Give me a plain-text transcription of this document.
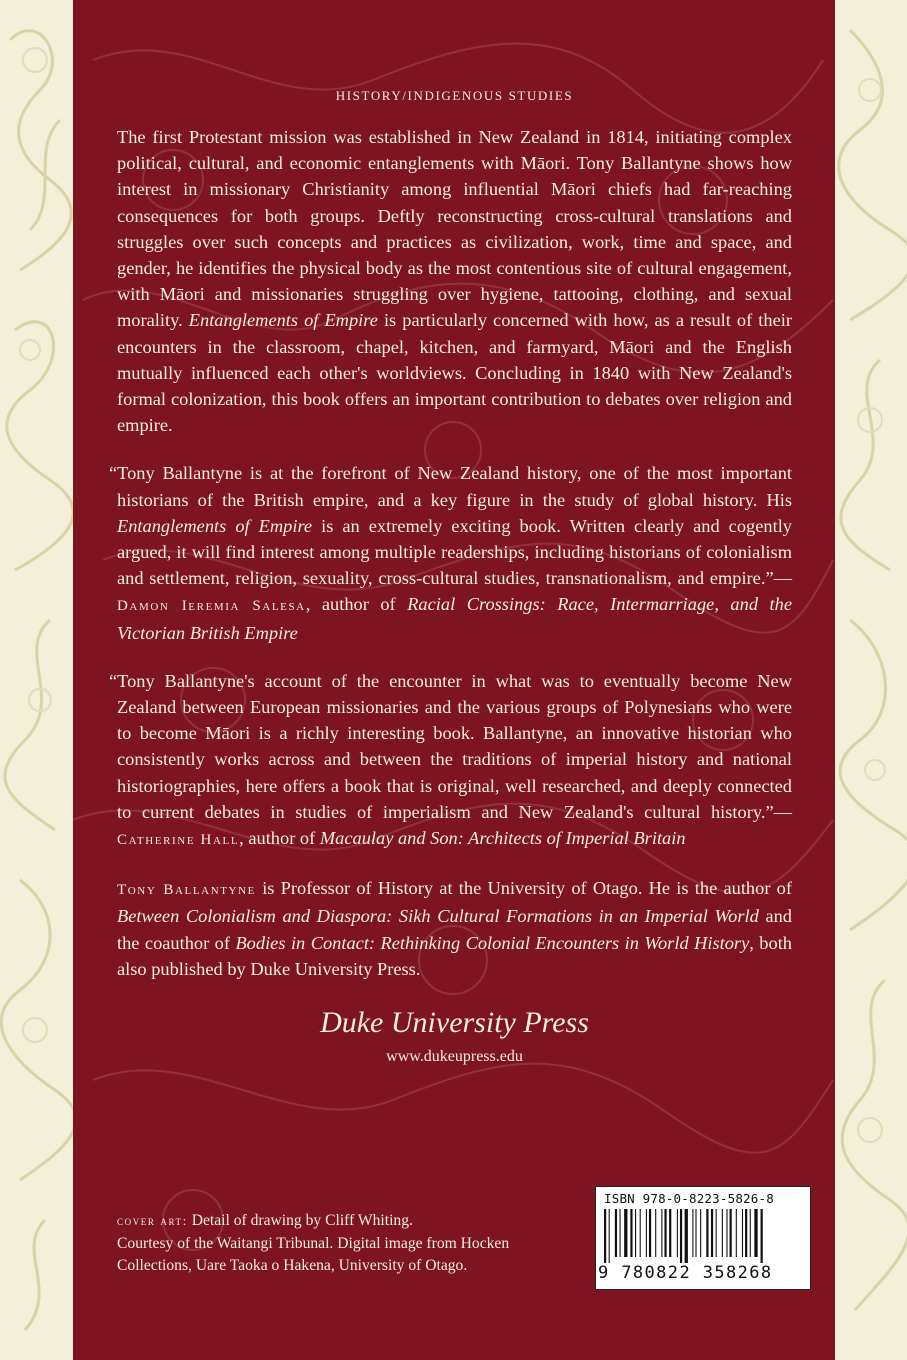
HISTORY/INDIGENOUS STUDIES

The first Protestant mission was established in New Zealand in 1814, initiating complex political, cultural, and economic entanglements with Māori. Tony Ballantyne shows how interest in missionary Christianity among influential Māori chiefs had far-reaching consequences for both groups. Deftly reconstructing cross-cultural translations and struggles over such concepts and practices as civilization, work, time and space, and gender, he identifies the physical body as the most contentious site of cultural engagement, with Māori and missionaries struggling over hygiene, tattooing, clothing, and sexual morality. Entanglements of Empire is particularly concerned with how, as a result of their encounters in the classroom, chapel, kitchen, and farmyard, Māori and the English mutually influenced each other's worldviews. Concluding in 1840 with New Zealand's formal colonization, this book offers an important contribution to debates over religion and empire.

“Tony Ballantyne is at the forefront of New Zealand history, one of the most important historians of the British empire, and a key figure in the study of global history. His Entanglements of Empire is an extremely exciting book. Written clearly and cogently argued, it will find interest among multiple readerships, including historians of colonialism and settlement, religion, sexuality, cross-cultural studies, transnationalism, and empire.”—Damon Ieremia Salesa, author of Racial Crossings: Race, Intermarriage, and the Victorian British Empire

“Tony Ballantyne's account of the encounter in what was to eventually become New Zealand between European missionaries and the various groups of Polynesians who were to become Māori is a richly interesting book. Ballantyne, an innovative historian who consistently works across and between the traditions of imperial history and national historiographies, here offers a book that is original, well researched, and deeply connected to current debates in studies of imperialism and New Zealand's cultural history.”—Catherine Hall, author of Macaulay and Son: Architects of Imperial Britain

Tony Ballantyne is Professor of History at the University of Otago. He is the author of Between Colonialism and Diaspora: Sikh Cultural Formations in an Imperial World and the coauthor of Bodies in Contact: Rethinking Colonial Encounters in World History, both also published by Duke University Press.

Duke University Press
www.dukeupress.edu
cover art: Detail of drawing by Cliff Whiting.
Courtesy of the Waitangi Tribunal. Digital image from Hocken Collections, Uare Taoka o Hakena, University of Otago.
ISBN 978-0-8223-5826-8
9 780822 358268
